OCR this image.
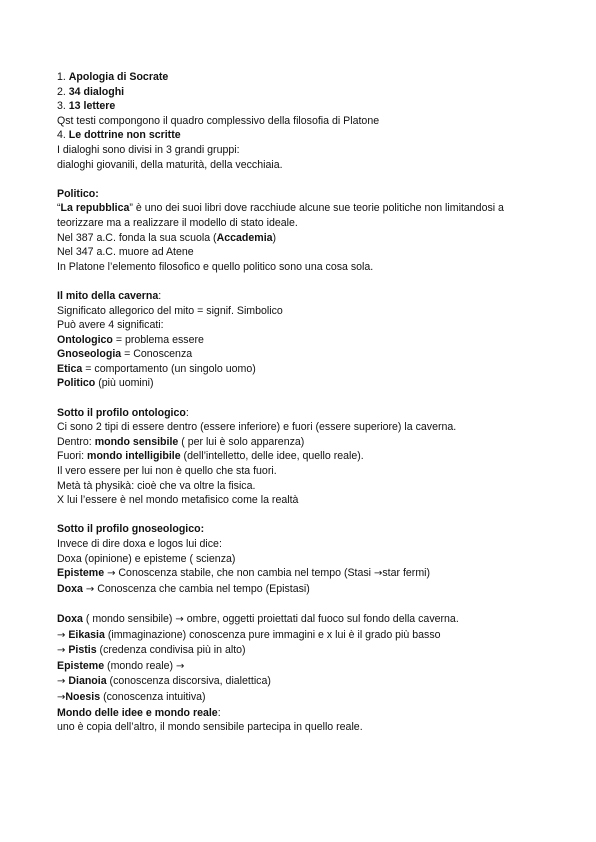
1. Apologia di Socrate
2. 34 dialoghi
3. 13 lettere
Qst testi compongono il quadro complessivo della filosofia di Platone
4. Le dottrine non scritte
I dialoghi sono divisi in 3 grandi gruppi:
dialoghi giovanili, della maturità, della vecchiaia.
Politico:
“La repubblica” è uno dei suoi libri dove racchiude alcune sue teorie politiche non limitandosi a teorizzare ma a realizzare il modello di stato ideale.
Nel 387 a.C. fonda la sua scuola (Accademia)
Nel 347 a.C. muore ad Atene
In Platone l’elemento filosofico e quello politico sono una cosa sola.
Il mito della caverna:
Significato allegorico del mito = signif. Simbolico
Può avere 4 significati:
Ontologico = problema essere
Gnoseologia = Conoscenza
Etica = comportamento (un singolo uomo)
Politico (più uomini)
Sotto il profilo ontologico:
Ci sono 2 tipi di essere dentro (essere inferiore) e fuori (essere superiore) la caverna.
Dentro: mondo sensibile ( per lui è solo apparenza)
Fuori: mondo intelligibile (dell’intelletto, delle idee, quello reale).
Il vero essere per lui non è quello che sta fuori.
Metà tà physikà: cioè che va oltre la fisica.
X lui l’essere è nel mondo metafisico come la realtà
Sotto il profilo gnoseologico:
Invece di dire doxa e logos lui dice:
Doxa (opinione) e episteme ( scienza)
Episteme → Conoscenza stabile, che non cambia nel tempo (Stasi →star fermi)
Doxa → Conoscenza che cambia nel tempo (Epistasi)
Doxa ( mondo sensibile) → ombre, oggetti proiettati dal fuoco sul fondo della caverna.
→ Eikasia (immaginazione) conoscenza pure immagini e x lui è il grado più basso
→ Pistis (credenza condivisa più in alto)
Episteme (mondo reale) →
→ Dianoia (conoscenza discorsiva, dialettica)
→Noesis (conoscenza intuitiva)
Mondo delle idee e mondo reale:
uno è copia dell’altro, il mondo sensibile partecipa in quello reale.
